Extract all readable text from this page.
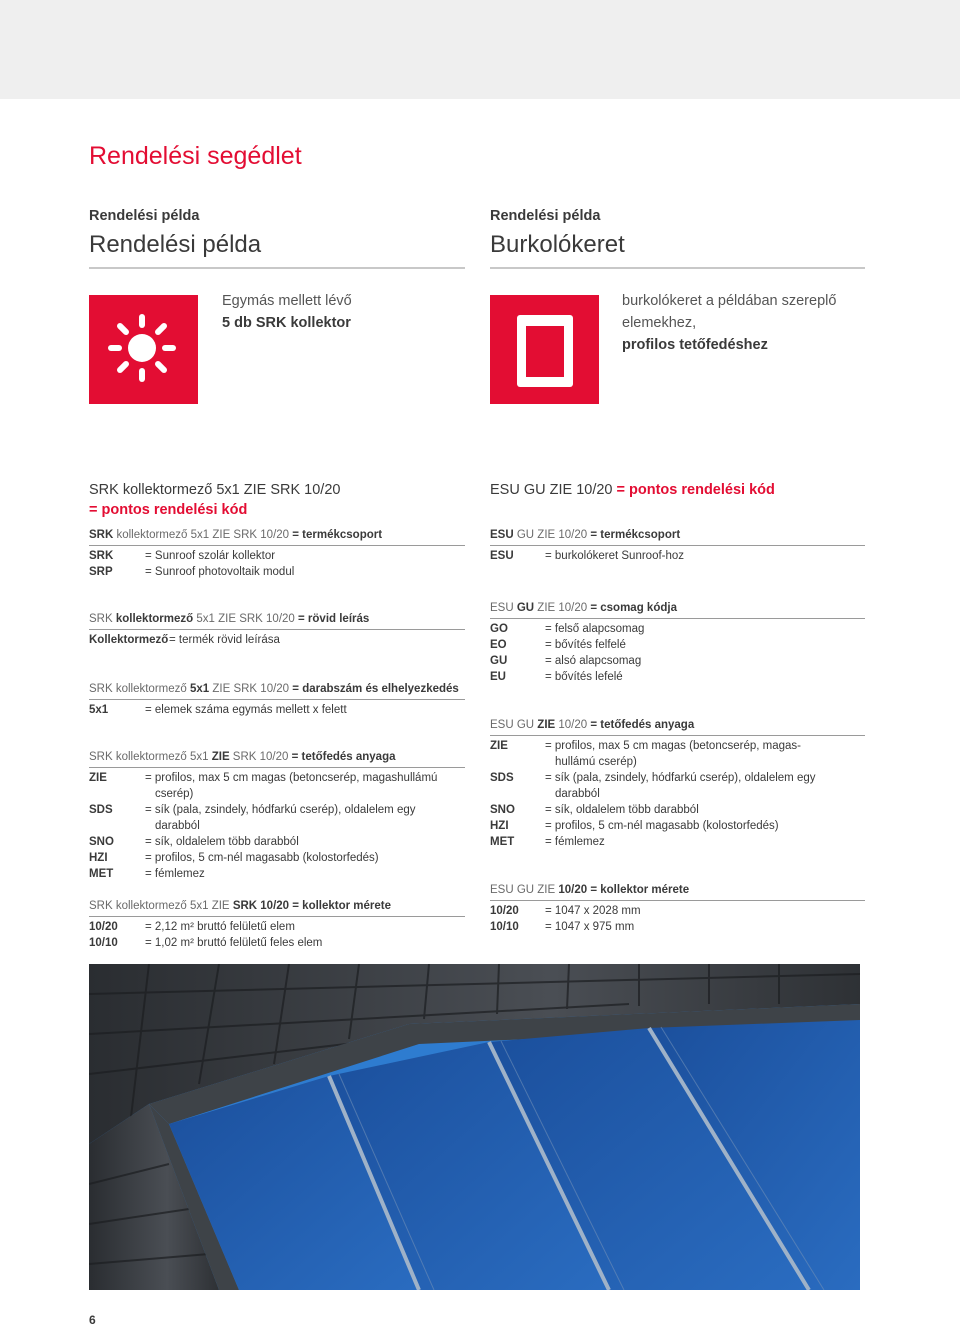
Rendelési segédlet
Rendelési példa
Rendelési példa
Egymás mellett lévő
5 db SRK kollektor
Rendelési példa
Burkolókeret
burkolókeret a példában szereplő
elemekhez,
profilos tetőfedéshez
SRK kollektormező 5x1 ZIE SRK 10/20
= pontos rendelési kód
SRK kollektormező 5x1 ZIE SRK 10/20 = termékcsoport
SRK	= Sunroof szolár kollektor
SRP	= Sunroof photovoltaik modul
SRK kollektormező 5x1 ZIE SRK 10/20 = rövid leírás
Kollektormező = termék rövid leírása
SRK kollektormező 5x1 ZIE SRK 10/20 = darabszám és elhelyezkedés
5x1	= elemek száma egymás mellett x felett
SRK kollektormező 5x1 ZIE SRK 10/20 = tetőfedés anyaga
ZIE	= profilos, max 5 cm magas (betoncserép, magashullámú
cserép)
SDS	= sík (pala, zsindely, hódfarkú cserép), oldalelem egy
darabból
SNO	= sík, oldalelem több darabból
HZI	= profilos, 5 cm-nél magasabb (kolostorfedés)
MET	= fémlemez
SRK kollektormező 5x1 ZIE SRK 10/20 = kollektor mérete
10/20 = 2,12 m² bruttó felületű elem
10/10 = 1,02 m² bruttó felületű feles elem
ESU GU ZIE 10/20 = pontos rendelési kód
ESU GU ZIE 10/20 = termékcsoport
ESU	= burkolókeret Sunroof-hoz
ESU GU ZIE 10/20 = csomag kódja
GO	= felső alapcsomag
EO	= bővítés felfelé
GU	= alsó alapcsomag
EU	= bővítés lefelé
ESU GU ZIE 10/20 = tetőfedés anyaga
ZIE	= profilos, max 5 cm magas (betoncserép, magas-
hullámú cserép)
SDS	= sík (pala, zsindely, hódfarkú cserép), oldalelem egy
darabból
SNO	= sík, oldalelem több darabból
HZI	= profilos, 5 cm-nél magasabb (kolostorfedés)
MET	= fémlemez
ESU GU ZIE 10/20 = kollektor mérete
10/20 = 1047 x 2028 mm
10/10 = 1047 x 975 mm
6
